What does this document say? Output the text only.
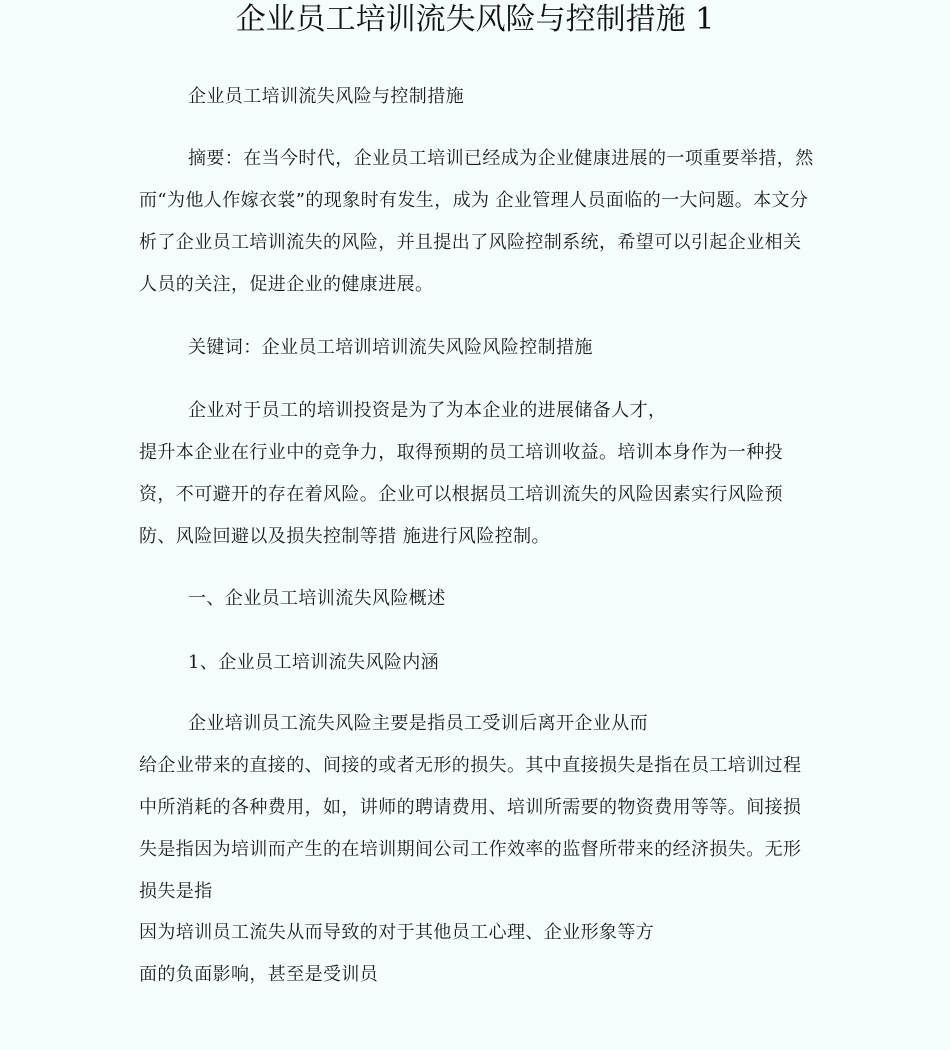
企业员工培训流失风险与控制措施 1

企业员工培训流失风险与控制措施

摘要：在当今时代，企业员工培训已经成为企业健康进展的一项重要举措，然而“为他人作嫁衣裳”的现象时有发生，成为 企业管理人员面临的一大问题。本文分析了企业员工培训流失的风险，并且提出了风险控制系统，希望可以引起企业相关人员的关注，促进企业的健康进展。

关键词：企业员工培训培训流失风险风险控制措施

企业对于员工的培训投资是为了为本企业的进展储备人才，

提升本企业在行业中的竞争力，取得预期的员工培训收益。培训本身作为一种投资，不可避开的存在着风险。企业可以根据员工培训流失的风险因素实行风险预防、风险回避以及损失控制等措 施进行风险控制。

一、企业员工培训流失风险概述

1、企业员工培训流失风险内涵

企业培训员工流失风险主要是指员工受训后离开企业从而

给企业带来的直接的、间接的或者无形的损失。其中直接损失是指在员工培训过程中所消耗的各种费用，如，讲师的聘请费用、培训所需要的物资费用等等。间接损失是指因为培训而产生的在培训期间公司工作效率的监督所带来的经济损失。无形损失是指

因为培训员工流失从而导致的对于其他员工心理、企业形象等方

面的负面影响，甚至是受训员
